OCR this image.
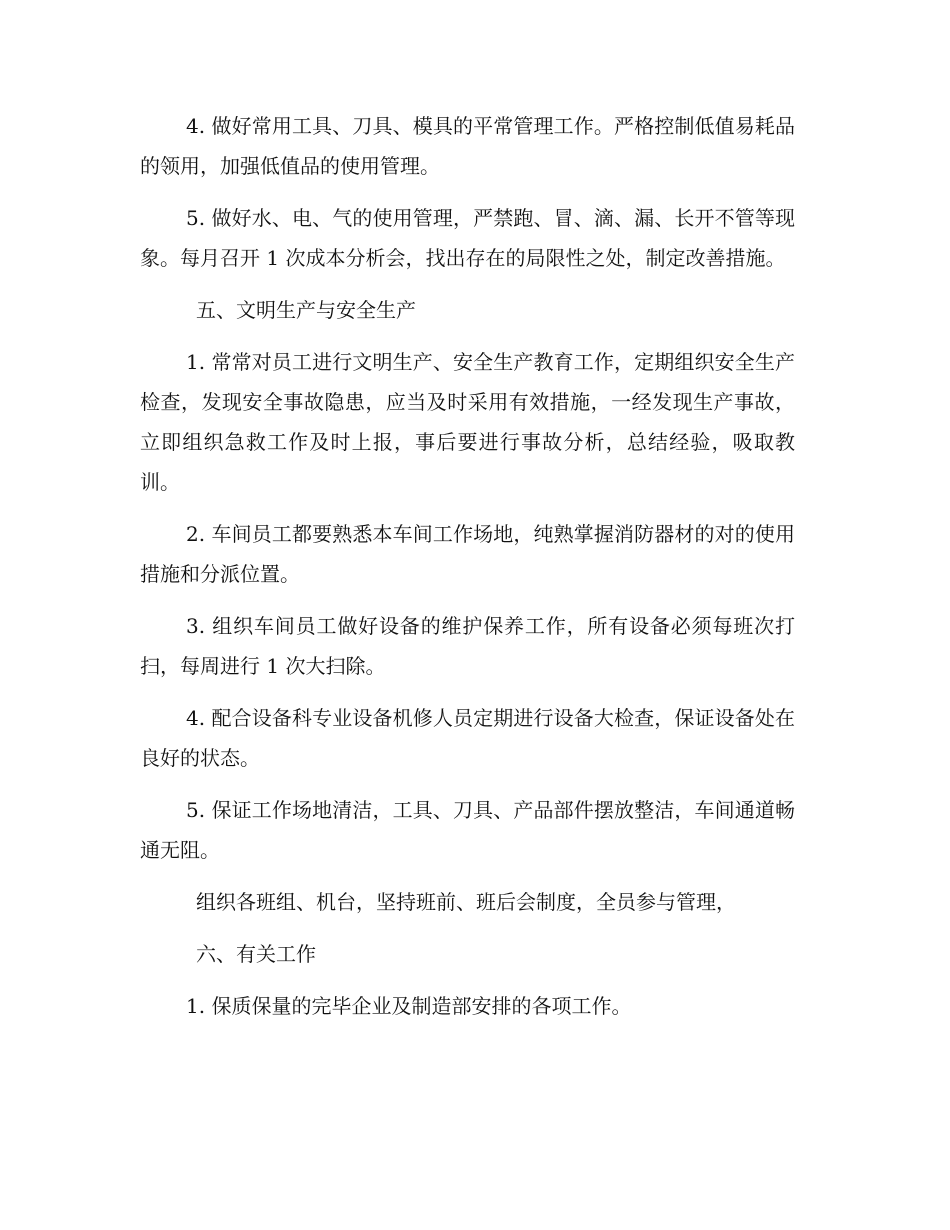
4. 做好常用工具、刀具、模具的平常管理工作。严格控制低值易耗品的领用，加强低值品的使用管理。

5. 做好水、电、气的使用管理，严禁跑、冒、滴、漏、长开不管等现象。每月召开 1 次成本分析会，找出存在的局限性之处，制定改善措施。

五、文明生产与安全生产

1. 常常对员工进行文明生产、安全生产教育工作，定期组织安全生产检查，发现安全事故隐患，应当及时采用有效措施，一经发现生产事故，立即组织急救工作及时上报，事后要进行事故分析，总结经验，吸取教训。

2. 车间员工都要熟悉本车间工作场地，纯熟掌握消防器材的对的使用措施和分派位置。

3. 组织车间员工做好设备的维护保养工作，所有设备必须每班次打扫，每周进行 1 次大扫除。

4. 配合设备科专业设备机修人员定期进行设备大检查，保证设备处在良好的状态。

5. 保证工作场地清洁，工具、刀具、产品部件摆放整洁，车间通道畅通无阻。

组织各班组、机台，坚持班前、班后会制度，全员参与管理，

六、有关工作

1. 保质保量的完毕企业及制造部安排的各项工作。
